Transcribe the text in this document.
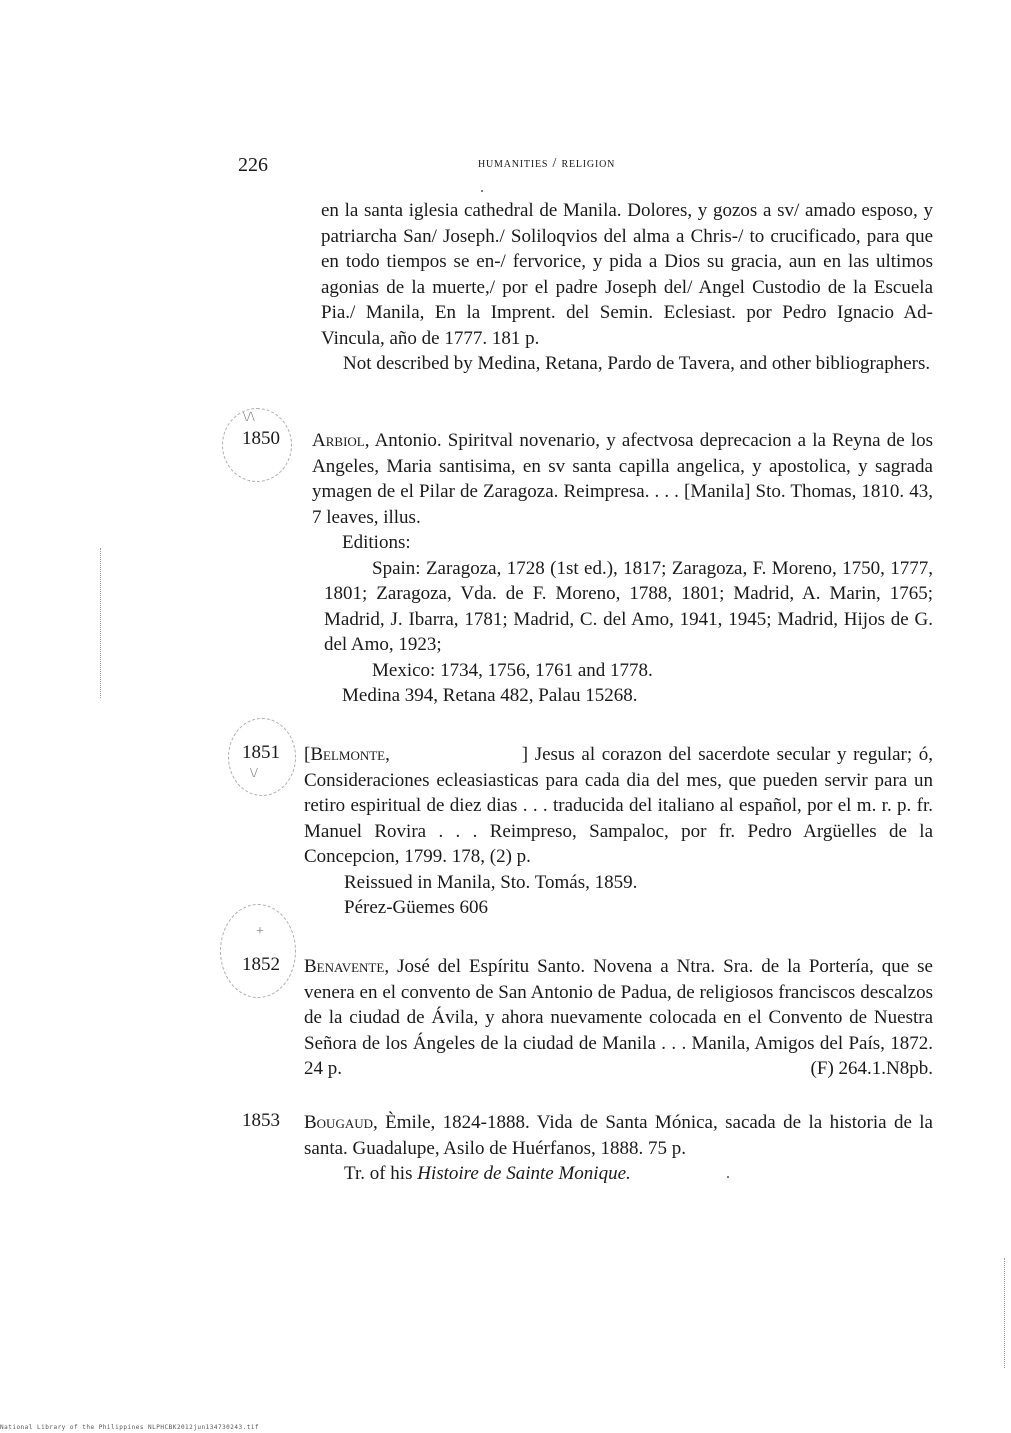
226	humanities / religion

en la santa iglesia cathedral de Manila. Dolores, y gozos a sv/ amado esposo, y patriarcha San/ Joseph./ Soliloqvios del alma a Chris-/ to crucificado, para que en todo tiempos se en-/ fervorice, y pida a Dios su gracia, aun en las ultimos agonias de la muerte,/ por el padre Joseph del/ Angel Custodio de la Escuela Pia./ Manila, En la Imprent. del Semin. Eclesiast. por Pedro Ignacio Ad-Vincula, año de 1777. 181 p.

Not described by Medina, Retana, Pardo de Tavera, and other bibliographers.

\/\
1850 Arbiol, Antonio. Spiritval novenario, y afectvosa deprecacion a la Reyna de los Angeles, Maria santisima, en sv santa capilla angelica, y apostolica, y sagrada ymagen de el Pilar de Zaragoza. Reimpresa. . . . [Manila] Sto. Thomas, 1810. 43, 7 leaves, illus.

Editions:

Spain: Zaragoza, 1728 (1st ed.), 1817; Zaragoza, F. Moreno, 1750, 1777, 1801; Zaragoza, Vda. de F. Moreno, 1788, 1801; Madrid, A. Marin, 1765; Madrid, J. Ibarra, 1781; Madrid, C. del Amo, 1941, 1945; Madrid, Hijos de G. del Amo, 1923;

Mexico: 1734, 1756, 1761 and 1778.

Medina 394, Retana 482, Palau 15268.

\/
1851 [Belmonte,                    ] Jesus al corazon del sacerdote secular y regular; ó, Consideraciones ecleasiasticas para cada dia del mes, que pueden servir para un retiro espiritual de diez dias . . . traducida del italiano al español, por el m. r. p. fr. Manuel Rovira . . . Reimpreso, Sampaloc, por fr. Pedro Argüelles de la Concepcion, 1799. 178, (2) p.

Reissued in Manila, Sto. Tomás, 1859.

Pérez-Güemes 606

+
1852 Benavente, José del Espíritu Santo. Novena a Ntra. Sra. de la Portería, que se venera en el convento de San Antonio de Padua, de religiosos franciscos descalzos de la ciudad de Ávila, y ahora nuevamente colocada en el Convento de Nuestra Señora de los Ángeles de la ciudad de Manila . . . Manila, Amigos del País, 1872. 24 p.	(F) 264.1.N8pb.

1853 Bougaud, Èmile, 1824-1888. Vida de Santa Mónica, sacada de la historia de la santa. Guadalupe, Asilo de Huérfanos, 1888. 75 p.

Tr. of his Histoire de Sainte Monique.

National Library of the Philippines NLPHCBK2012jun134730243.tif
